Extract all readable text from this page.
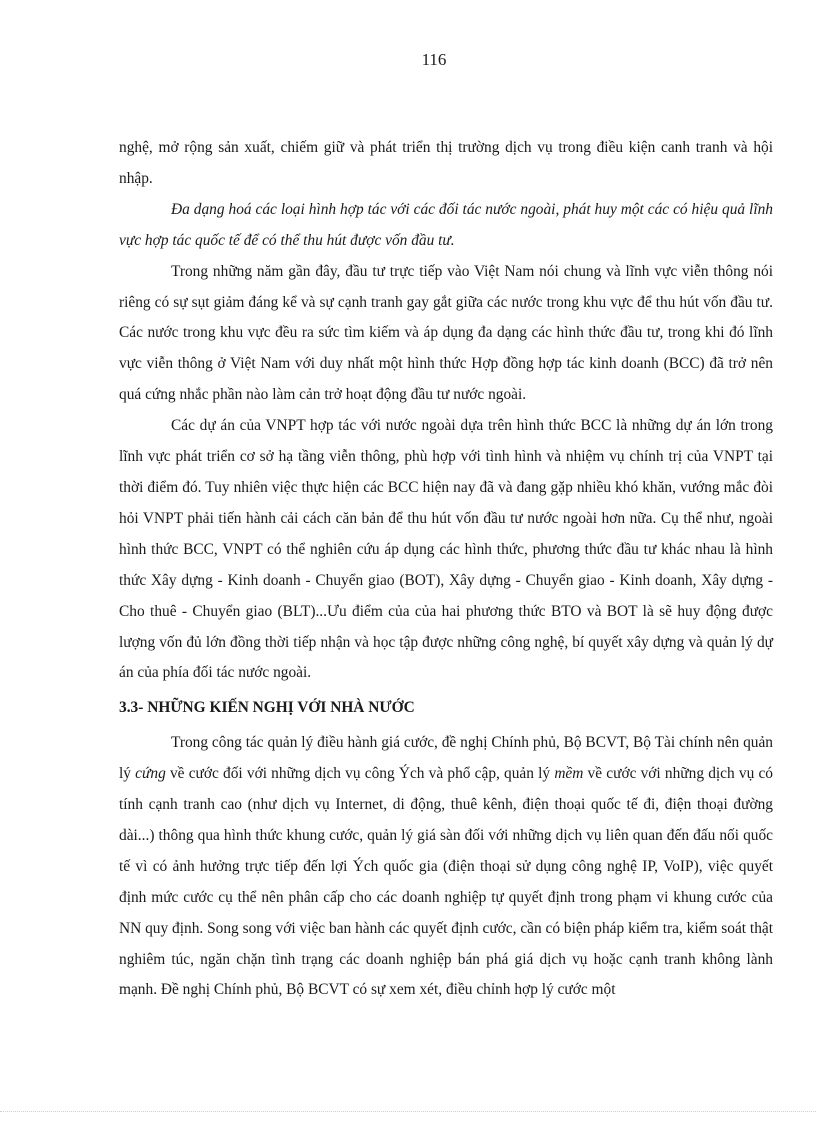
116

nghệ, mở rộng sản xuất, chiếm giữ và phát triển thị trường dịch vụ trong điều kiện canh tranh và hội nhập.

Đa dạng hoá các loại hình hợp tác với các đối tác nước ngoài, phát huy một các có hiệu quả lĩnh vực hợp tác quốc tế để có thể thu hút được vốn đầu tư.

Trong những năm gần đây, đầu tư trực tiếp vào Việt Nam nói chung và lĩnh vực viễn thông nói riêng có sự sụt giảm đáng kể và sự cạnh tranh gay gắt giữa các nước trong khu vực để thu hút vốn đầu tư. Các nước trong khu vực đều ra sức tìm kiếm và áp dụng đa dạng các hình thức đầu tư, trong khi đó lĩnh vực viễn thông ở Việt Nam với duy nhất một hình thức Hợp đồng hợp tác kinh doanh (BCC) đã trở nên quá cứng nhắc phần nào làm cản trở hoạt động đầu tư nước ngoài.

Các dự án của VNPT hợp tác với nước ngoài dựa trên hình thức BCC là những dự án lớn trong lĩnh vực phát triển cơ sở hạ tầng viễn thông, phù hợp với tình hình và nhiệm vụ chính trị của VNPT tại thời điểm đó. Tuy nhiên việc thực hiện các BCC hiện nay đã và đang gặp nhiều khó khăn, vướng mắc đòi hỏi VNPT phải tiến hành cải cách căn bản để thu hút vốn đầu tư nước ngoài hơn nữa. Cụ thể như, ngoài hình thức BCC, VNPT có thể nghiên cứu áp dụng các hình thức, phương thức đầu tư khác nhau là hình thức Xây dựng - Kinh doanh - Chuyển giao (BOT), Xây dựng - Chuyển giao - Kinh doanh, Xây dựng - Cho thuê - Chuyển giao (BLT)...Ưu điểm của của hai phương thức BTO và BOT là sẽ huy động được lượng vốn đủ lớn đồng thời tiếp nhận và học tập được những công nghệ, bí quyết xây dựng và quản lý dự án của phía đối tác nước ngoài.

3.3- NHỮNG KIẾN NGHỊ VỚI NHÀ NƯỚC

Trong công tác quản lý điều hành giá cước, đề nghị Chính phủ, Bộ BCVT, Bộ Tài chính nên quản lý cứng về cước đối với những dịch vụ công Ých và phổ cập, quản lý mềm về cước với những dịch vụ có tính cạnh tranh cao (như dịch vụ Internet, di động, thuê kênh, điện thoại quốc tế đi, điện thoại đường dài...) thông qua hình thức khung cước, quản lý giá sàn đối với những dịch vụ liên quan đến đấu nối quốc tế vì có ảnh hưởng trực tiếp đến lợi Ých quốc gia (điện thoại sử dụng công nghệ IP, VoIP), việc quyết định mức cước cụ thể nên phân cấp cho các doanh nghiệp tự quyết định trong phạm vi khung cước của NN quy định. Song song với việc ban hành các quyết định cước, cần có biện pháp kiểm tra, kiểm soát thật nghiêm túc, ngăn chặn tình trạng các doanh nghiệp bán phá giá dịch vụ hoặc cạnh tranh không lành mạnh. Đề nghị Chính phủ, Bộ BCVT có sự xem xét, điều chỉnh hợp lý cước một
